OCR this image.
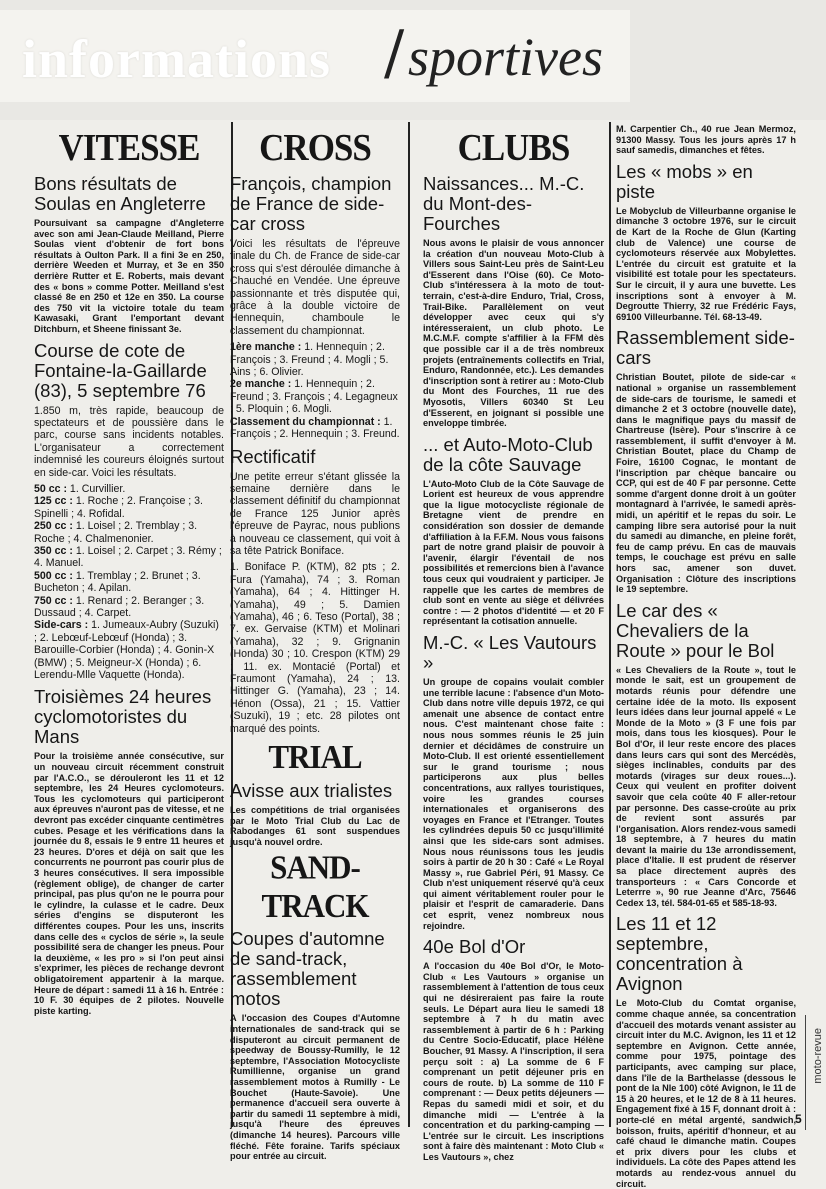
informations / sportives
VITESSE
Bons résultats de Soulas en Angleterre

Poursuivant sa campagne d'Angleterre avec son ami Jean-Claude Meilland, Pierre Soulas vient d'obtenir de fort bons résultats à Oulton Park. Il a fini 3e en 250, derrière Weeden et Murray, et 3e en 350 derrière Rutter et E. Roberts, mais devant des « bons » comme Potter. Meilland s'est classé 8e en 250 et 12e en 350. La course des 750 vit la victoire totale du team Kawasaki, Grant l'emportant devant Ditchburn, et Sheene finissant 3e.

Course de cote de Fontaine-la-Gaillarde (83), 5 septembre 76

1.850 m, très rapide, beaucoup de spectateurs et de poussière dans le parc, course sans incidents notables. L'organisateur a correctement indemnisé les coureurs éloignés surtout en side-car. Voici les résultats.

50 cc : 1. Curvillier.

125 cc : 1. Roche ; 2. Françoise ; 3. Spinelli ; 4. Rofidal.

250 cc : 1. Loisel ; 2. Tremblay ; 3. Roche ; 4. Chalmenonier.

350 cc : 1. Loisel ; 2. Carpet ; 3. Rémy ; 4. Manuel.

500 cc : 1. Tremblay ; 2. Brunet ; 3. Bucheton ; 4. Apilan.

750 cc : 1. Renard ; 2. Beranger ; 3. Dussaud ; 4. Carpet.

Side-cars : 1. Jumeaux-Aubry (Suzuki) ; 2. Lebœuf-Lebœuf (Honda) ; 3. Barouille-Corbier (Honda) ; 4. Gonin-X (BMW) ; 5. Meigneur-X (Honda) ; 6. Lerendu-Mlle Vaquette (Honda).

Troisièmes 24 heures cyclomotoristes du Mans

Pour la troisième année consécutive, sur un nouveau circuit récemment construit par l'A.C.O., se dérouleront les 11 et 12 septembre, les 24 Heures cyclomoteurs. Tous les cyclomoteurs qui participeront aux épreuves n'auront pas de vitesse, et ne devront pas excéder cinquante centimètres cubes. Pesage et les vérifications dans la journée du 8, essais le 9 entre 11 heures et 23 heures. D'ores et déjà on sait que les concurrents ne pourront pas courir plus de 3 heures consécutives. Il sera impossible (règlement oblige), de changer de carter principal, pas plus qu'on ne le pourra pour le cylindre, la culasse et le cadre. Deux séries d'engins se disputeront les différentes coupes. Pour les uns, inscrits dans celle des « cyclos de série », la seule possibilité sera de changer les pneus. Pour la deuxième, « les pro » si l'on peut ainsi s'exprimer, les pièces de rechange devront obligatoirement appartenir à la marque. Heure de départ : samedi 11 à 16 h. Entrée : 10 F. 30 équipes de 2 pilotes. Nouvelle piste karting.

CROSS
François, champion de France de side-car cross

Voici les résultats de l'épreuve finale du Ch. de France de side-car cross qui s'est déroulée dimanche à Chauché en Vendée. Une épreuve passionnante et très disputée qui, grâce à la double victoire de Hennequin, chamboule le classement du championnat.

1ère manche : 1. Hennequin ; 2. François ; 3. Freund ; 4. Mogli ; 5. Ains ; 6. Olivier.

2e manche : 1. Hennequin ; 2. Freund ; 3. François ; 4. Legagneux ; 5. Ploquin ; 6. Mogli.

Classement du championnat : 1. François ; 2. Hennequin ; 3. Freund.

Rectificatif

Une petite erreur s'étant glissée la semaine dernière dans le classement définitif du championnat de France 125 Junior après l'épreuve de Payrac, nous publions à nouveau ce classement, qui voit à sa tête Patrick Boniface.

1. Boniface P. (KTM), 82 pts ; 2. Fura (Yamaha), 74 ; 3. Roman (Yamaha), 64 ; 4. Hittinger H. (Yamaha), 49 ; 5. Damien (Yamaha), 46 ; 6. Teso (Portal), 38 ; 7. ex. Gervaise (KTM) et Molinari (Yamaha), 32 ; 9. Grignanin (Honda) 30 ; 10. Crespon (KTM) 29 ; 11. ex. Montacié (Portal) et Fraumont (Yamaha), 24 ; 13. Hittinger G. (Yamaha), 23 ; 14. Hénon (Ossa), 21 ; 15. Vattier (Suzuki), 19 ; etc. 28 pilotes ont marqué des points.

TRIAL
Avisse aux trialistes

Les compétitions de trial organisées par le Moto Trial Club du Lac de Rabodanges 61 sont suspendues jusqu'à nouvel ordre.

SAND-TRACK
Coupes d'automne de sand-track, rassemblement motos

A l'occasion des Coupes d'Automne internationales de sand-track qui se disputeront au circuit permanent de speedway de Boussy-Rumilly, le 12 septembre, l'Association Motocycliste Rumillienne, organise un grand rassemblement motos à Rumilly - Le Bouchet (Haute-Savoie). Une permanence d'accueil sera ouverte à partir du samedi 11 septembre à midi, jusqu'à l'heure des épreuves (dimanche 14 heures). Parcours ville fléché. Fête foraine. Tarifs spéciaux pour entrée au circuit.

CLUBS
Naissances... M.-C. du Mont-des-Fourches

Nous avons le plaisir de vous annoncer la création d'un nouveau Moto-Club à Villers sous Saint-Leu près de Saint-Leu d'Esserent dans l'Oise (60). Ce Moto-Club s'intéressera à la moto de tout-terrain, c'est-à-dire Enduro, Trial, Cross, Trail-Bike. Parallèlement on veut développer avec ceux qui s'y intéresseraient, un club photo. Le M.C.M.F. compte s'affilier à la FFM dès que possible car il a de très nombreux projets (entraînements collectifs en Trial, Enduro, Randonnée, etc.). Les demandes d'inscription sont à retirer au : Moto-Club du Mont des Fourches, 11 rue des Myosotis, Villers 60340 St Leu d'Esserent, en joignant si possible une enveloppe timbrée.

... et Auto-Moto-Club de la côte Sauvage

L'Auto-Moto Club de la Côte Sauvage de Lorient est heureux de vous apprendre que la ligue motocycliste régionale de Bretagne vient de prendre en considération son dossier de demande d'affiliation à la F.F.M. Nous vous faisons part de notre grand plaisir de pouvoir à l'avenir, élargir l'éventail de nos possibilités et remercions bien à l'avance tous ceux qui voudraient y participer. Je rappelle que les cartes de membres de club sont en vente au siège et délivrées contre : — 2 photos d'identité — et 20 F représentant la cotisation annuelle.

M.-C. « Les Vautours »

Un groupe de copains voulait combler une terrible lacune : l'absence d'un Moto-Club dans notre ville depuis 1972, ce qui amenait une absence de contact entre nous. C'est maintenant chose faite : nous nous sommes réunis le 25 juin dernier et décidâmes de construire un Moto-Club. Il est orienté essentiellement sur le grand tourisme ; nous participerons aux plus belles concentrations, aux rallyes touristiques, voire les grandes courses internationales et organiserons des voyages en France et l'Etranger. Toutes les cylindrées depuis 50 cc jusqu'illimité ainsi que les side-cars sont admises. Nous nous réunissons tous les jeudis soirs à partir de 20 h 30 : Café « Le Royal Massy », rue Gabriel Péri, 91 Massy. Ce Club n'est uniquement réservé qu'à ceux qui aiment véritablement rouler pour le plaisir et l'esprit de camaraderie. Dans cet esprit, venez nombreux nous rejoindre.

40e Bol d'Or

A l'occasion du 40e Bol d'Or, le Moto-Club « Les Vautours » organise un rassemblement à l'attention de tous ceux qui ne désireraient pas faire la route seuls. Le Départ aura lieu le samedi 18 septembre à 7 h du matin avec rassemblement à partir de 6 h : Parking du Centre Socio-Educatif, place Hélène Boucher, 91 Massy. A l'inscription, il sera perçu soit : a) La somme de 6 F comprenant un petit déjeuner pris en cours de route. b) La somme de 110 F comprenant : — Deux petits déjeuners — Repas du samedi midi et soir, et du dimanche midi — L'entrée à la concentration et du parking-camping — L'entrée sur le circuit. Les inscriptions sont à faire dès maintenant : Moto Club « Les Vautours », chez

M. Carpentier Ch., 40 rue Jean Mermoz, 91300 Massy. Tous les jours après 17 h sauf samedis, dimanches et fêtes.

Les « mobs » en piste

Le Mobyclub de Villeurbanne organise le dimanche 3 octobre 1976, sur le circuit de Kart de la Roche de Glun (Karting club de Valence) une course de cyclomoteurs réservée aux Mobylettes. L'entrée du circuit est gratuite et la visibilité est totale pour les spectateurs. Sur le circuit, il y aura une buvette. Les inscriptions sont à envoyer à M. Degroutte Thierry, 32 rue Frédéric Fays, 69100 Villeurbanne. Tél. 68-13-49.

Rassemblement side-cars

Christian Boutet, pilote de side-car « national » organise un rassemblement de side-cars de tourisme, le samedi et dimanche 2 et 3 octobre (nouvelle date), dans le magnifique pays du massif de Chartreuse (Isère). Pour s'inscrire à ce rassemblement, il suffit d'envoyer à M. Christian Boutet, place du Champ de Foire, 16100 Cognac, le montant de l'inscription par chèque bancaire ou CCP, qui est de 40 F par personne. Cette somme d'argent donne droit à un goûter montagnard à l'arrivée, le samedi après-midi, un apéritif et le repas du soir. Le camping libre sera autorisé pour la nuit du samedi au dimanche, en pleine forêt, feu de camp prévu. En cas de mauvais temps, le couchage est prévu en salle hors sac, amener son duvet. Organisation : Clôture des inscriptions le 19 septembre.

Le car des « Chevaliers de la Route » pour le Bol

« Les Chevaliers de la Route », tout le monde le sait, est un groupement de motards réunis pour défendre une certaine idée de la moto. Ils exposent leurs idées dans leur journal appelé « Le Monde de la Moto » (3 F une fois par mois, dans tous les kiosques). Pour le Bol d'Or, il leur reste encore des places dans leurs cars qui sont des Mercédès, sièges inclinables, conduits par des motards (virages sur deux roues...). Ceux qui veulent en profiter doivent savoir que cela coûte 40 F aller-retour par personne. Des casse-croûte au prix de revient sont assurés par l'organisation. Alors rendez-vous samedi 18 septembre, à 7 heures du matin devant la mairie du 13e arrondissement, place d'Italie. Il est prudent de réserver sa place directement auprès des transporteurs : « Cars Concorde et Leterrre », 90 rue Jeanne d'Arc, 75646 Cedex 13, tél. 584-01-65 et 585-18-93.

Les 11 et 12 septembre, concentration à Avignon

Le Moto-Club du Comtat organise, comme chaque année, sa concentration d'accueil des motards venant assister au circuit inter du M.C. Avignon, les 11 et 12 septembre en Avignon. Cette année, comme pour 1975, pointage des participants, avec camping sur place, dans l'île de la Barthelasse (dessous le pont de la Nle 100) côté Avignon, le 11 de 15 à 20 heures, et le 12 de 8 à 11 heures. Engagement fixé à 15 F, donnant droit à : porte-clé en métal argenté, sandwich, boisson, fruits, apéritif d'honneur, et au café chaud le dimanche matin. Coupes et prix divers pour les clubs et individuels. La côte des Papes attend les motards au rendez-vous annuel du circuit.

moto-revue
5
